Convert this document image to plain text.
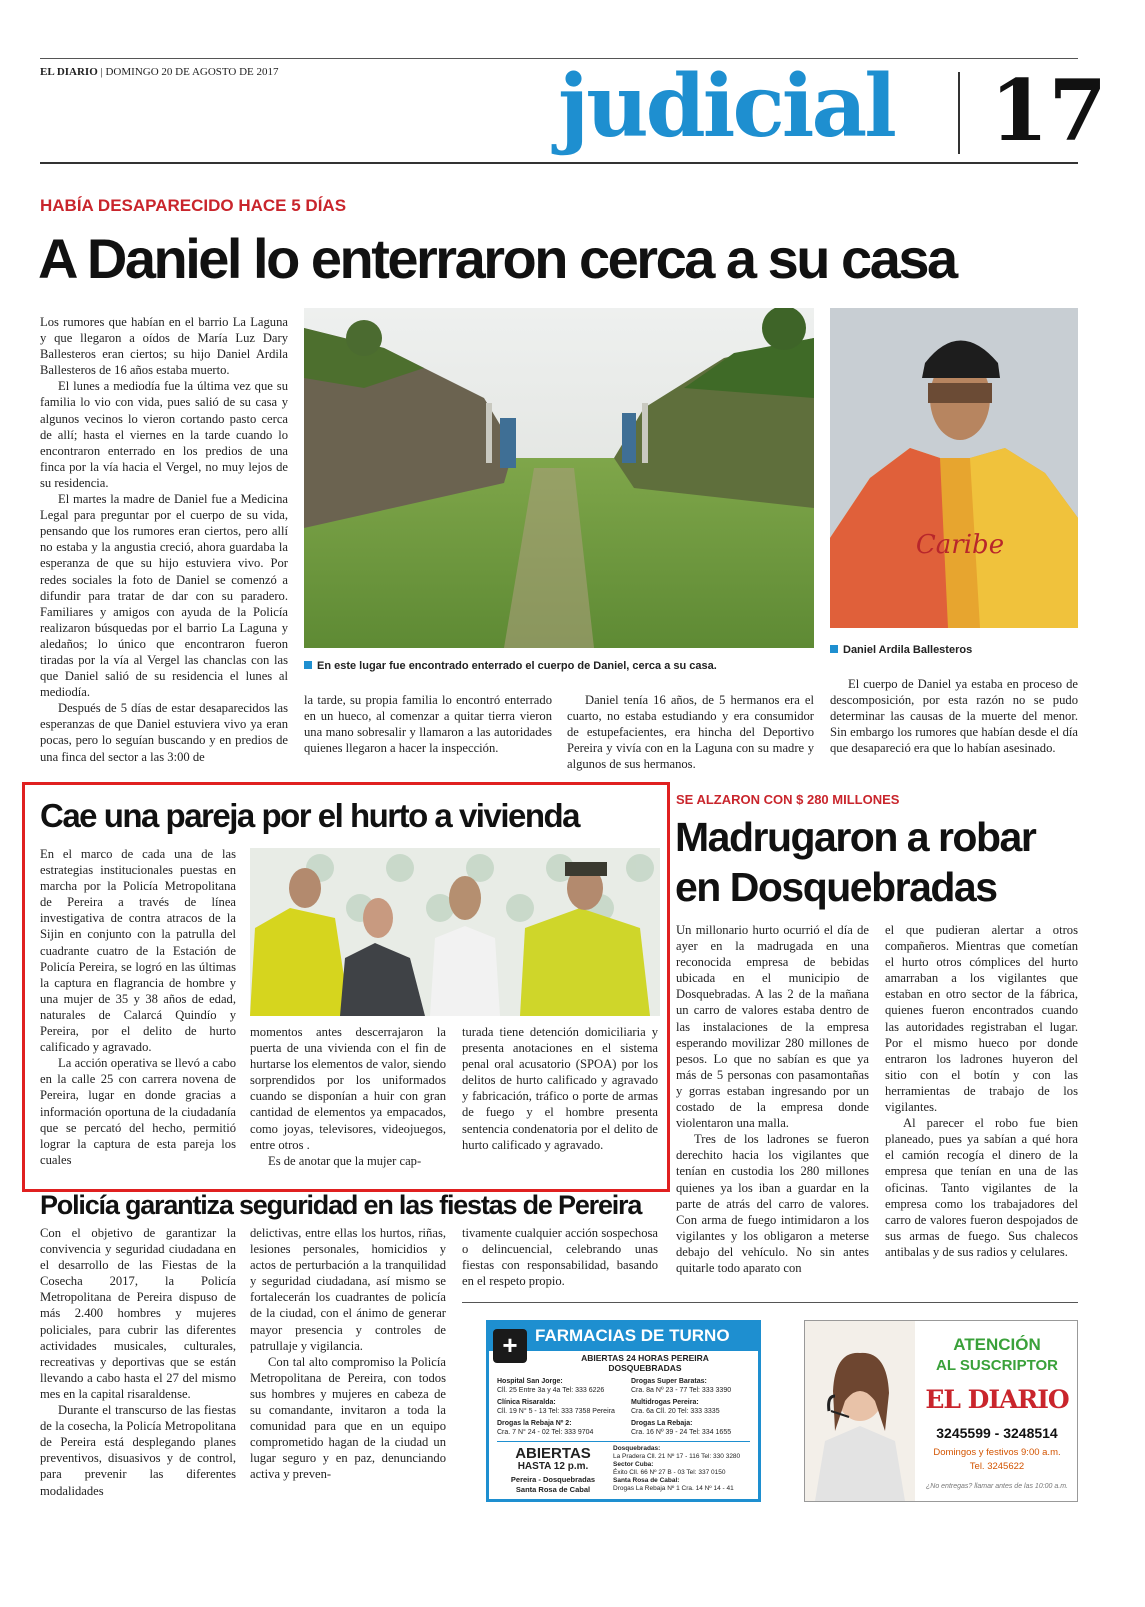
EL DIARIO | DOMINGO 20 DE AGOSTO DE 2017	judicial 17
HABÍA DESAPARECIDO HACE 5 DÍAS
A Daniel lo enterraron cerca a su casa

Los rumores que habían en el barrio La Laguna y que llegaron a oídos de María Luz Dary Ballesteros eran ciertos; su hijo Daniel Ardila Ballesteros de 16 años estaba muerto.

El lunes a mediodía fue la última vez que su familia lo vio con vida, pues salió de su casa y algunos vecinos lo vieron cortando pasto cerca de allí; hasta el viernes en la tarde cuando lo encontraron enterrado en los predios de una finca por la vía hacia el Vergel, no muy lejos de su residencia.

El martes la madre de Daniel fue a Medicina Legal para preguntar por el cuerpo de su vida, pensando que los rumores eran ciertos, pero allí no estaba y la angustia creció, ahora guardaba la esperanza de que su hijo estuviera vivo. Por redes sociales la foto de Daniel se comenzó a difundir para tratar de dar con su paradero. Familiares y amigos con ayuda de la Policía realizaron búsquedas por el barrio La Laguna y aledaños; lo único que encontraron fueron tiradas por la vía al Vergel las chanclas con las que Daniel salió de su residencia el lunes al mediodía.

Después de 5 días de estar desaparecidos las esperanzas de que Daniel estuviera vivo ya eran pocas, pero lo seguían buscando y en predios de una finca del sector a las 3:00 de

Caribe
En este lugar fue encontrado enterrado el cuerpo de Daniel, cerca a su casa.
Daniel Ardila Ballesteros

la tarde, su propia familia lo encontró enterrado en un hueco, al comenzar a quitar tierra vieron una mano sobresalir y llamaron a las autoridades quienes llegaron a hacer la inspección.

Daniel tenía 16 años, de 5 hermanos era el cuarto, no estaba estudiando y era consumidor de estupefacientes, era hincha del Deportivo Pereira y vivía con en la Laguna con su madre y algunos de sus hermanos.

El cuerpo de Daniel ya estaba en proceso de descomposición, por esta razón no se pudo determinar las causas de la muerte del menor. Sin embargo los rumores que habían desde el día que desapareció era que lo habían asesinado.

Cae una pareja por el hurto a vivienda

En el marco de cada una de las estrategias institucionales puestas en marcha por la Policía Metropolitana de Pereira a través de línea investigativa de contra atracos de la Sijin en conjunto con la patrulla del cuadrante cuatro de la Estación de Policía Pereira, se logró en las últimas la captura en flagrancia de hombre y una mujer de 35 y 38 años de edad, naturales de Calarcá Quindío y Pereira, por el delito de hurto calificado y agravado.

La acción operativa se llevó a cabo en la calle 25 con carrera novena de Pereira, lugar en donde gracias a información oportuna de la ciudadanía que se percató del hecho, permitió lograr la captura de esta pareja los cuales

momentos antes descerrajaron la puerta de una vivienda con el fin de hurtarse los elementos de valor, siendo sorprendidos por los uniformados cuando se disponían a huir con gran cantidad de elementos ya empacados, como joyas, televisores, videojuegos, entre otros .

Es de anotar que la mujer cap-

turada tiene detención domiciliaria y presenta anotaciones en el sistema penal oral acusatorio (SPOA) por los delitos de hurto calificado y agravado y fabricación, tráfico o porte de armas de fuego y el hombre presenta sentencia condenatoria por el delito de hurto calificado y agravado.

SE ALZARON CON $ 280 MILLONES
Madrugaron a robar en Dosquebradas

Un millonario hurto ocurrió el día de ayer en la madrugada en una reconocida empresa de bebidas ubicada en el municipio de Dosquebradas. A las 2 de la mañana un carro de valores estaba dentro de las instalaciones de la empresa esperando movilizar 280 millones de pesos. Lo que no sabían es que ya más de 5 personas con pasamontañas y gorras estaban ingresando por un costado de la empresa donde violentaron una malla.

Tres de los ladrones se fueron derechito hacia los vigilantes que tenían en custodia los 280 millones quienes ya los iban a guardar en la parte de atrás del carro de valores. Con arma de fuego intimidaron a los vigilantes y los obligaron a meterse debajo del vehículo. No sin antes quitarle todo aparato con

el que pudieran alertar a otros compañeros. Mientras que cometían el hurto otros cómplices del hurto amarraban a los vigilantes que estaban en otro sector de la fábrica, quienes fueron encontrados cuando las autoridades registraban el lugar. Por el mismo hueco por donde entraron los ladrones huyeron del sitio con el botín y con las herramientas de trabajo de los vigilantes.

Al parecer el robo fue bien planeado, pues ya sabían a qué hora el camión recogía el dinero de la empresa que tenían en una de las oficinas. Tanto vigilantes de la empresa como los trabajadores del carro de valores fueron despojados de sus armas de fuego. Sus chalecos antibalas y de sus radios y celulares.

Policía garantiza seguridad en las fiestas de Pereira

Con el objetivo de garantizar la convivencia y seguridad ciudadana en el desarrollo de las Fiestas de la Cosecha 2017, la Policía Metropolitana de Pereira dispuso de más 2.400 hombres y mujeres policiales, para cubrir las diferentes actividades musicales, culturales, recreativas y deportivas que se están llevando a cabo hasta el 27 del mismo mes en la capital risaraldense.

Durante el transcurso de las fiestas de la cosecha, la Policía Metropolitana de Pereira está desplegando planes preventivos, disuasivos y de control, para prevenir las diferentes modalidades

delictivas, entre ellas los hurtos, riñas, lesiones personales, homicidios y actos de perturbación a la tranquilidad y seguridad ciudadana, así mismo se fortalecerán los cuadrantes de policía de la ciudad, con el ánimo de generar mayor presencia y controles de patrullaje y vigilancia.

Con tal alto compromiso la Policía Metropolitana de Pereira, con todos sus hombres y mujeres en cabeza de su comandante, invitaron a toda la comunidad para que en un equipo comprometido hagan de la ciudad un lugar seguro y en paz, denunciando activa y preven-

tivamente cualquier acción sospechosa o delincuencial, celebrando unas fiestas con responsabilidad, basando en el respeto propio.

+	FARMACIAS DE TURNO
ABIERTAS 24 HORAS PEREIRA
DOSQUEBRADAS
Hospital San Jorge:
Cll. 25 Entre 3a y 4a Tel: 333 6226
Clínica Risaralda:
Cll. 19 N° 5 - 13 Tel: 333 7358 Pereira
Drogas la Rebaja Nº 2:
Cra. 7 N° 24 - 02 Tel: 333 9704
Drogas Super Baratas:
Cra. 8a Nº 23 - 77 Tel: 333 3390
Multidrogas Pereira:
Cra. 6a Cll. 20 Tel: 333 3335
Drogas La Rebaja:
Cra. 16 Nº 39 - 24 Tel: 334 1655
ABIERTAS
HASTA 12 p.m.
Pereira - Dosquebradas
Santa Rosa de Cabal
Dosquebradas:
La Pradera Cll. 21 Nº 17 - 116 Tel: 330 3280
Sector Cuba:
Éxito Cll. 66 Nº 27 B - 03 Tel: 337 0150
Santa Rosa de Cabal:
Drogas La Rebaja Nº 1 Cra. 14 Nº 14 - 41
ATENCIÓN
AL SUSCRIPTOR
EL DIARIO
3245599 - 3248514
Domingos y festivos 9:00 a.m.
Tel. 3245622
¿No entregas? llamar antes de las 10:00 a.m.
